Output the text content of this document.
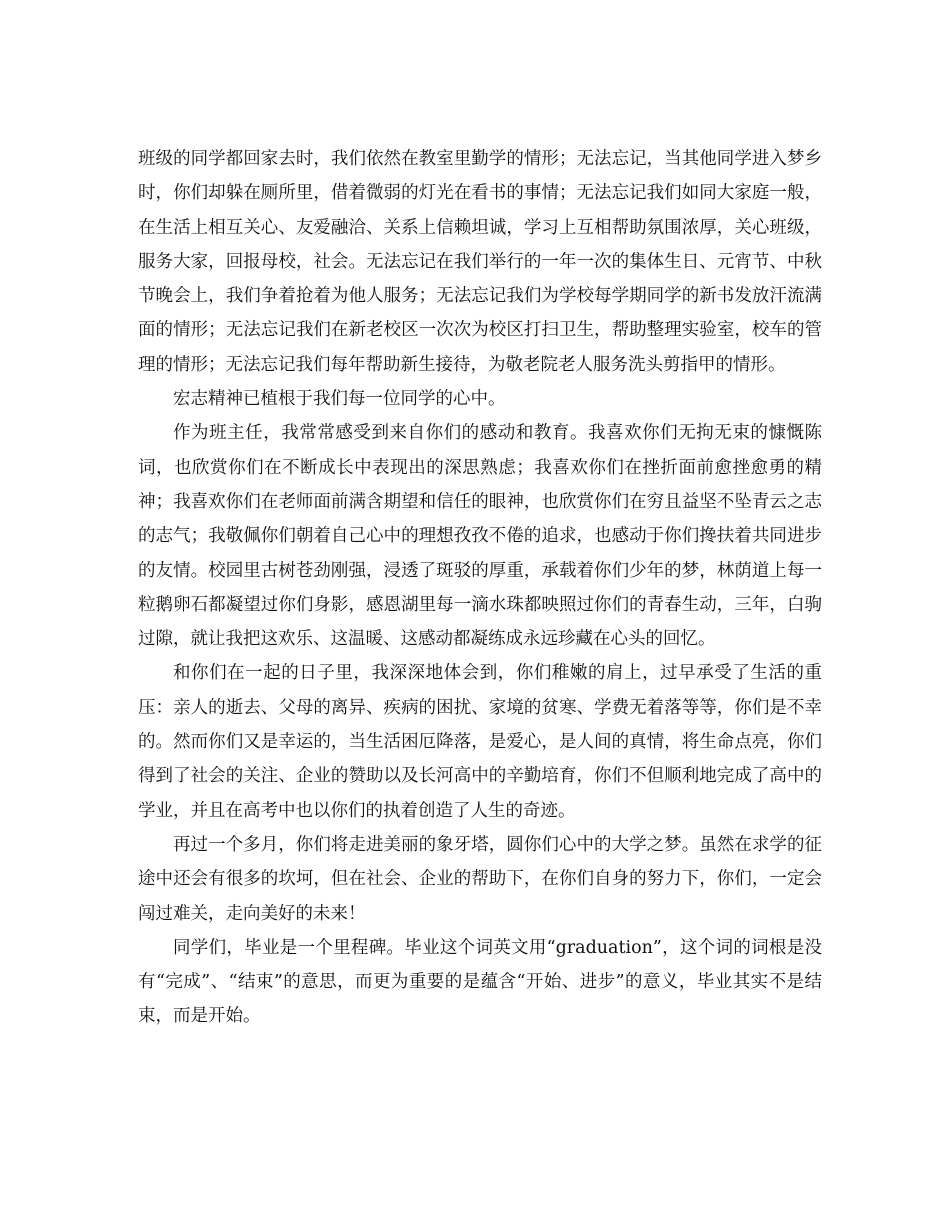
班级的同学都回家去时，我们依然在教室里勤学的情形；无法忘记，当其他同学进入梦乡时，你们却躲在厕所里，借着微弱的灯光在看书的事情；无法忘记我们如同大家庭一般，在生活上相互关心、友爱融洽、关系上信赖坦诚，学习上互相帮助氛围浓厚，关心班级，服务大家，回报母校，社会。无法忘记在我们举行的一年一次的集体生日、元宵节、中秋节晚会上，我们争着抢着为他人服务；无法忘记我们为学校每学期同学的新书发放汗流满面的情形；无法忘记我们在新老校区一次次为校区打扫卫生，帮助整理实验室，校车的管理的情形；无法忘记我们每年帮助新生接待，为敬老院老人服务洗头剪指甲的情形。

宏志精神已植根于我们每一位同学的心中。

作为班主任，我常常感受到来自你们的感动和教育。我喜欢你们无拘无束的慷慨陈词，也欣赏你们在不断成长中表现出的深思熟虑；我喜欢你们在挫折面前愈挫愈勇的精神；我喜欢你们在老师面前满含期望和信任的眼神，也欣赏你们在穷且益坚不坠青云之志的志气；我敬佩你们朝着自己心中的理想孜孜不倦的追求，也感动于你们搀扶着共同进步的友情。校园里古树苍劲刚强，浸透了斑驳的厚重，承载着你们少年的梦，林荫道上每一粒鹅卵石都凝望过你们身影，感恩湖里每一滴水珠都映照过你们的青春生动，三年，白驹过隙，就让我把这欢乐、这温暖、这感动都凝练成永远珍藏在心头的回忆。

和你们在一起的日子里，我深深地体会到，你们稚嫩的肩上，过早承受了生活的重压：亲人的逝去、父母的离异、疾病的困扰、家境的贫寒、学费无着落等等，你们是不幸的。然而你们又是幸运的，当生活困厄降落，是爱心，是人间的真情，将生命点亮，你们得到了社会的关注、企业的赞助以及长河高中的辛勤培育，你们不但顺利地完成了高中的学业，并且在高考中也以你们的执着创造了人生的奇迹。

再过一个多月，你们将走进美丽的象牙塔，圆你们心中的大学之梦。虽然在求学的征途中还会有很多的坎坷，但在社会、企业的帮助下，在你们自身的努力下，你们，一定会闯过难关，走向美好的未来！

同学们，毕业是一个里程碑。毕业这个词英文用“graduation”，这个词的词根是没有“完成”、“结束”的意思，而更为重要的是蕴含“开始、进步”的意义，毕业其实不是结束，而是开始。
